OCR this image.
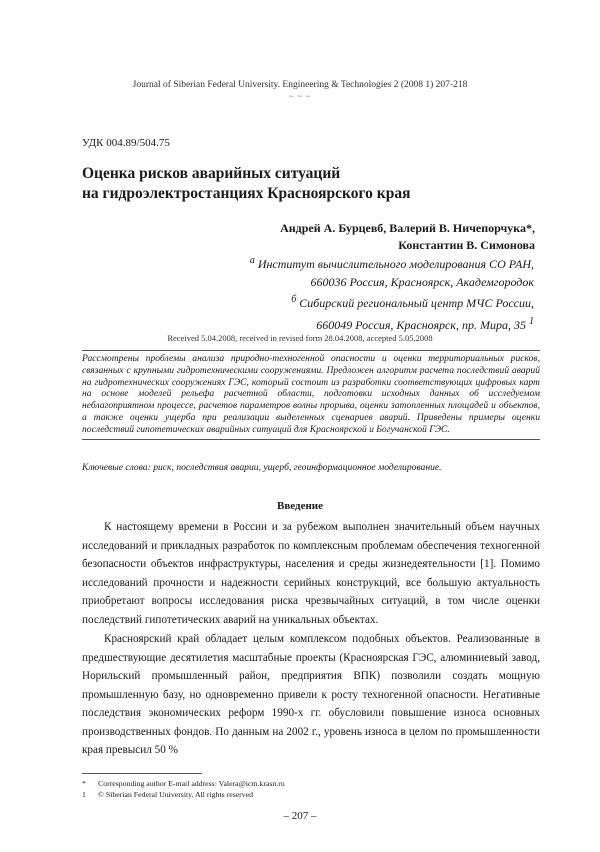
Journal of Siberian Federal University. Engineering & Technologies 2 (2008 1) 207-218
~ ~ ~
УДК 004.89/504.75
Оценка рисков аварийных ситуаций
на гидроэлектростанциях Красноярского края
Андрей А. Бурцевб, Валерий В. Ничепорчука*,
Константин В. Симонова
$^а$ Институт вычислительного моделирования СО РАН,
660036 Россия, Красноярск, Академгородок
$^б$ Сибирский региональный центр МЧС России,
660049 Россия, Красноярск, пр. Мира, 35 $^1$
Received 5.04.2008, received in revised form 28.04.2008, accepted 5.05.2008

Рассмотрены проблемы анализа природно-техногенной опасности и оценки территориальных рисков, связанных с крупными гидротехническими сооружениями. Предложен алгоритм расчета последствий аварий на гидротехнических сооружениях ГЭС, который состоит из разработки соответствующих цифровых карт на основе моделей рельефа расчетной области, подготовки исходных данных об исследуемом неблагоприятном процессе, расчетов параметров волны прорыва, оценки затопленных площадей и объектов, а также оценки ущерба при реализации выделенных сценариев аварий. Приведены примеры оценки последствий гипотетических аварийных ситуаций для Красноярской и Богучанской ГЭС.

Ключевые слова: риск, последствия аварии, ущерб, геоинформационное моделирование.

Введение

К настоящему времени в России и за рубежом выполнен значительный объем научных исследований и прикладных разработок по комплексным проблемам обеспечения техногенной безопасности объектов инфраструктуры, населения и среды жизнедеятельности [1]. Помимо исследований прочности и надежности серийных конструкций, все большую актуальность приобретают вопросы исследования риска чрезвычайных ситуаций, в том числе оценки последствий гипотетических аварий на уникальных объектах.

Красноярский край обладает целым комплексом подобных объектов. Реализованные в предшествующие десятилетия масштабные проекты (Красноярская ГЭС, алюминиевый завод, Норильский промышленный район, предприятия ВПК) позволили создать мощную промышленную базу, но одновременно привели к росту техногенной опасности. Негативные последствия экономических реформ 1990-х гг. обусловили повышение износа основных производственных фондов. По данным на 2002 г., уровень износа в целом по промышленности края превысил 50 %

*	Corresponding author E-mail address: Valera@icm.krasn.ru
1	© Siberian Federal University. All rights reserved
– 207 –
